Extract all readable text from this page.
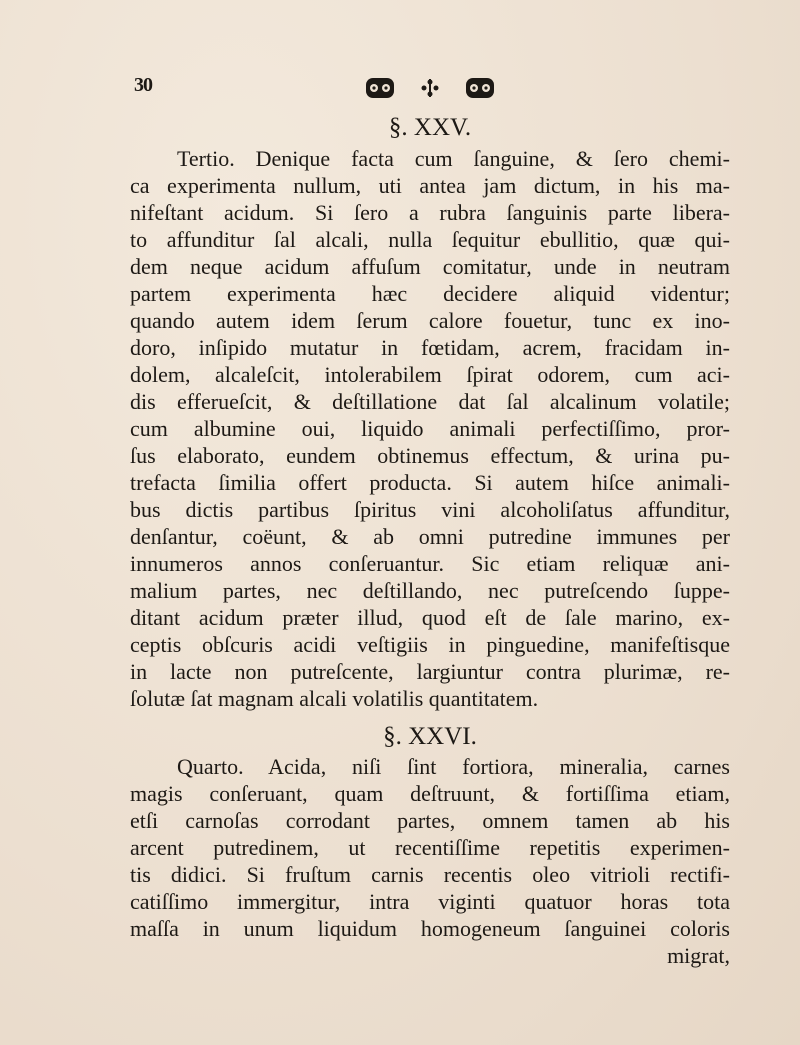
30
§. XXV.
Tertio. Denique facta cum ſanguine, & ſero chemi-
ca experimenta nullum, uti antea jam dictum, in his ma-
nifeſtant acidum. Si ſero a rubra ſanguinis parte libera-
to affunditur ſal alcali, nulla ſequitur ebullitio, quæ qui-
dem neque acidum affuſum comitatur, unde in neutram
partem experimenta hæc decidere aliquid videntur;
quando autem idem ſerum calore fouetur, tunc ex ino-
doro, inſipido mutatur in fœtidam, acrem, fracidam in-
dolem, alcaleſcit, intolerabilem ſpirat odorem, cum aci-
dis efferueſcit, & deſtillatione dat ſal alcalinum volatile;
cum albumine oui, liquido animali perfectiſſimo, pror-
ſus elaborato, eundem obtinemus effectum, & urina pu-
trefacta ſimilia offert producta. Si autem hiſce animali-
bus dictis partibus ſpiritus vini alcoholiſatus affunditur,
denſantur, coëunt, & ab omni putredine immunes per
innumeros annos conſeruantur. Sic etiam reliquæ ani-
malium partes, nec deſtillando, nec putreſcendo ſuppe-
ditant acidum præter illud, quod eſt de ſale marino, ex-
ceptis obſcuris acidi veſtigiis in pinguedine, manifeſtisque
in lacte non putreſcente, largiuntur contra plurimæ, re-
ſolutæ ſat magnam alcali volatilis quantitatem.
§. XXVI.
Quarto. Acida, niſi ſint fortiora, mineralia, carnes
magis conſeruant, quam deſtruunt, & fortiſſima etiam,
etſi carnoſas corrodant partes, omnem tamen ab his
arcent putredinem, ut recentiſſime repetitis experimen-
tis didici. Si fruſtum carnis recentis oleo vitrioli rectifi-
catiſſimo immergitur, intra viginti quatuor horas tota
maſſa in unum liquidum homogeneum ſanguinei coloris
migrat,
